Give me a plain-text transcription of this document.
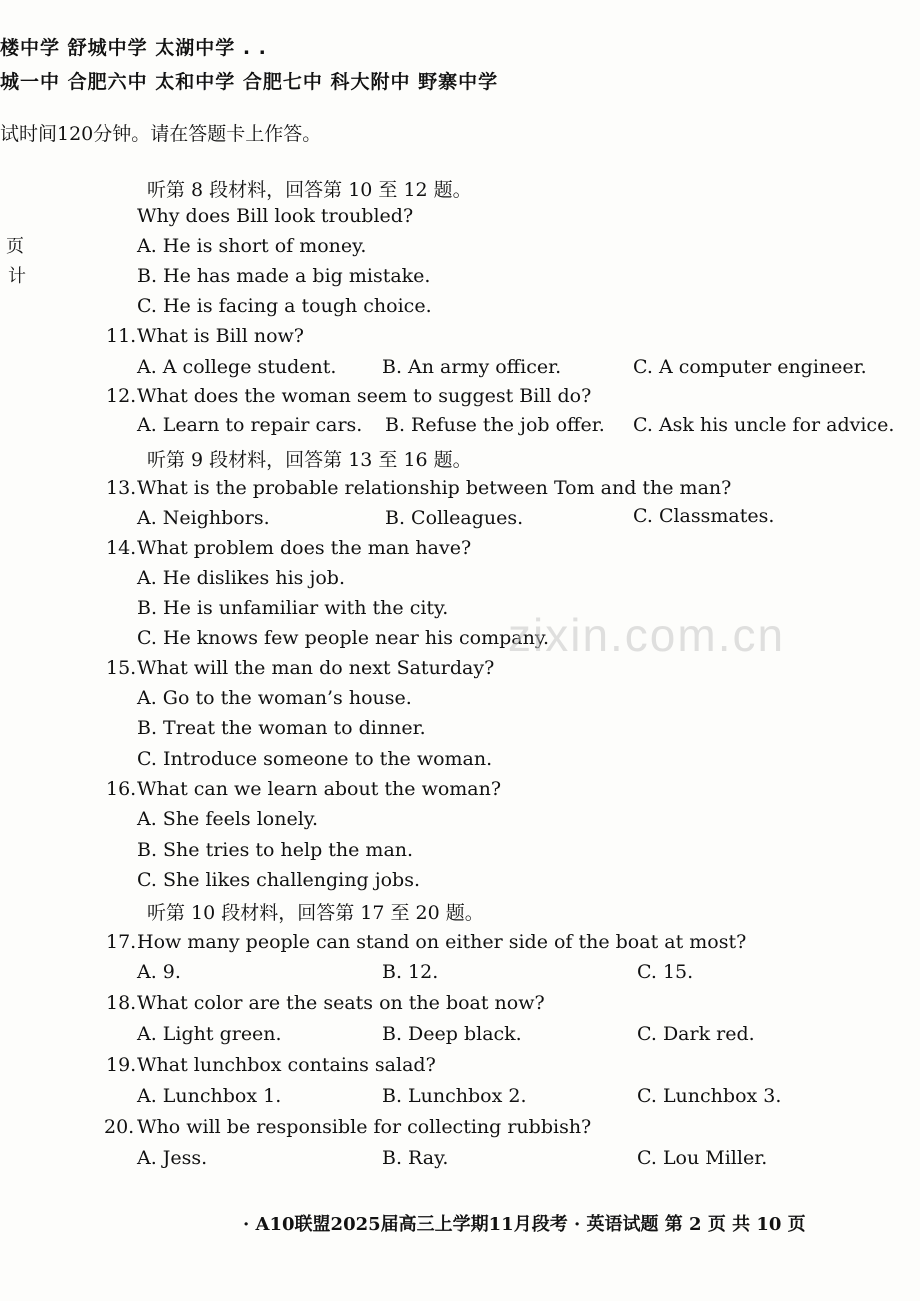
楼中学 舒城中学 太湖中学 . .
城一中 合肥六中 太和中学 合肥七中 科大附中 野寨中学
试时间120分钟。请在答题卡上作答。
页
计
听第 8 段材料，回答第 10 至 12 题。
Why does Bill look troubled?
A. He is short of money.
B. He has made a big mistake.
C. He is facing a tough choice.
11. What is Bill now?
A. A college student. B. An army officer.	C. A computer engineer.
12. What does the woman seem to suggest Bill do?
A. Learn to repair cars. B. Refuse the job offer. C. Ask his uncle for advice.
听第 9 段材料，回答第 13 至 16 题。
13. What is the probable relationship between Tom and the man?
A. Neighbors.	B. Colleagues.	C. Classmates.
14. What problem does the man have?
A. He dislikes his job.
B. He is unfamiliar with the city.
C. He knows few people near his company.
15. What will the man do next Saturday?
A. Go to the woman’s house.
B. Treat the woman to dinner.
C. Introduce someone to the woman.
16. What can we learn about the woman?
A. She feels lonely.
B. She tries to help the man.
C. She likes challenging jobs.
听第 10 段材料，回答第 17 至 20 题。
17. How many people can stand on either side of the boat at most?
A. 9.	B. 12.	C. 15.
18. What color are the seats on the boat now?
A. Light green.	B. Deep black.	C. Dark red.
19. What lunchbox contains salad?
A. Lunchbox 1.	B. Lunchbox 2.	C. Lunchbox 3.
20. Who will be responsible for collecting rubbish?
A. Jess.	B. Ray.	C. Lou Miller.
zixin.com.cn
· A10联盟2025届高三上学期11月段考 · 英语试题 第 2 页 共 10 页
